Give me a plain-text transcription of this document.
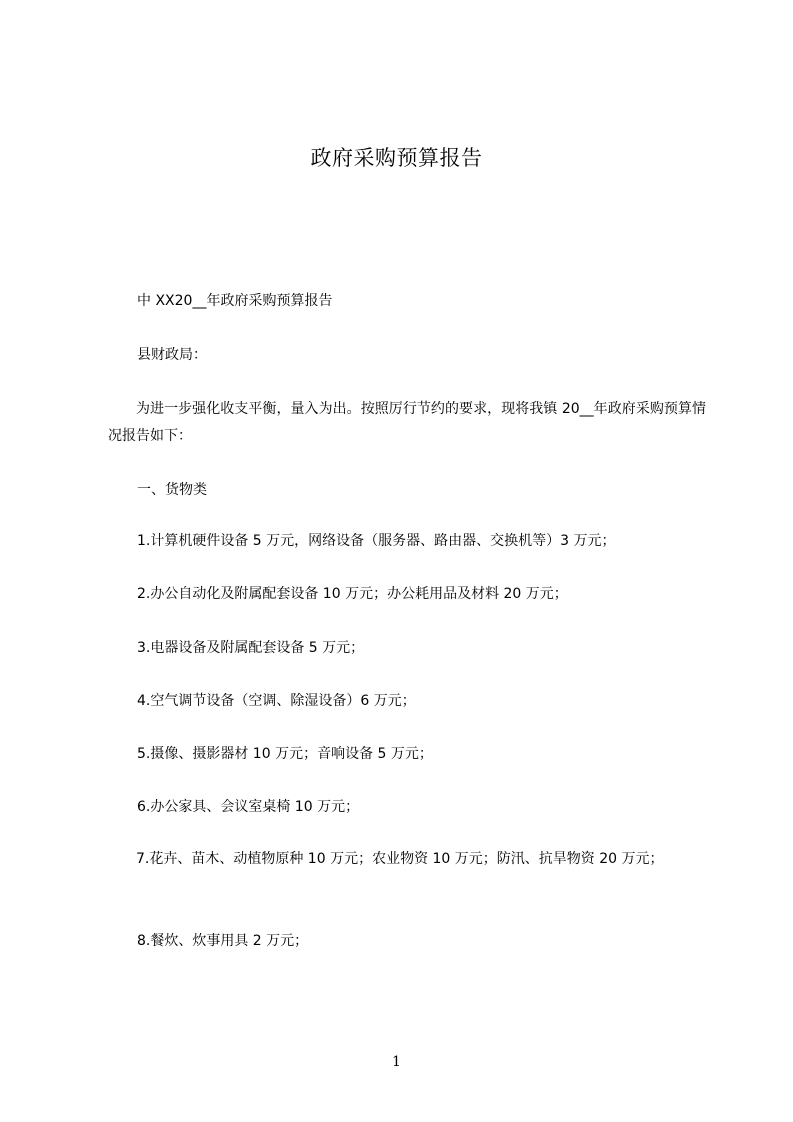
政府采购预算报告
中 XX20__年政府采购预算报告
县财政局：
为进一步强化收支平衡，量入为出。按照厉行节约的要求，现将我镇 20__年政府采购预算情况报告如下：
一、货物类
1.计算机硬件设备 5 万元，网络设备（服务器、路由器、交换机等）3 万元；
2.办公自动化及附属配套设备 10 万元；办公耗用品及材料 20 万元；
3.电器设备及附属配套设备 5 万元；
4.空气调节设备（空调、除湿设备）6 万元；
5.摄像、摄影器材 10 万元；音响设备 5 万元；
6.办公家具、会议室桌椅 10 万元；
7.花卉、苗木、动植物原种 10 万元；农业物资 10 万元；防汛、抗旱物资 20 万元；
8.餐炊、炊事用具 2 万元；
1
